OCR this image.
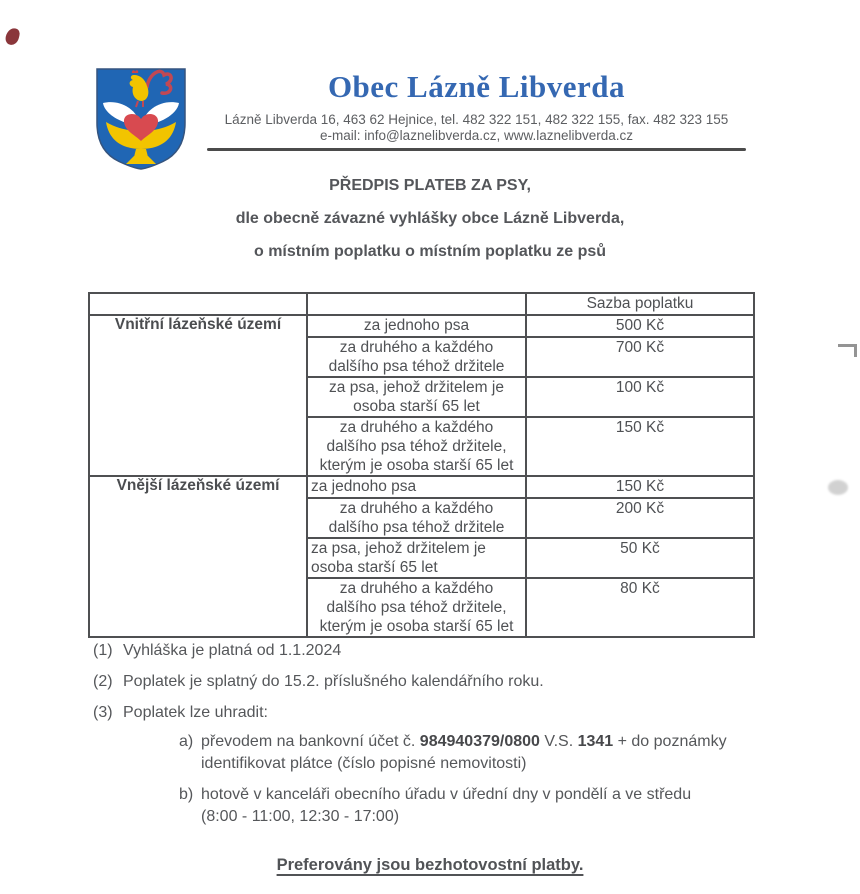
Obec Lázně Libverda
Lázně Libverda 16, 463 62 Hejnice, tel. 482 322 151, 482 322 155, fax. 482 323 155
e-mail: info@laznelibverda.cz, www.laznelibverda.cz
PŘEDPIS PLATEB ZA PSY,
dle obecně závazné vyhlášky obce Lázně Libverda,
o místním poplatku o místním poplatku ze psů
		Sazba poplatku
Vnitřní lázeňské území	za jednoho psa	500 Kč

	za druhého a každého
dalšího psa téhož držitele	700 Kč

	za psa, jehož držitelem je
osoba starší 65 let	100 Kč

	za druhého a každého
dalšího psa téhož držitele,
kterým je osoba starší 65 let	150 Kč
Vnější lázeňské území	za jednoho psa	150 Kč

	za druhého a každého
dalšího psa téhož držitele	200 Kč

	za psa, jehož držitelem je
osoba starší 65 let	50 Kč

	za druhého a každého
dalšího psa téhož držitele,
kterým je osoba starší 65 let	80 Kč
(1) Vyhláška je platná od 1.1.2024
(2) Poplatek je splatný do 15.2. příslušného kalendářního roku.
(3) Poplatek lze uhradit:
a) převodem na bankovní účet č. 984940379/0800 V.S. 1341 + do poznámky
identifikovat plátce (číslo popisné nemovitosti)
b) hotově v kanceláři obecního úřadu v úřední dny v pondělí a ve středu
(8:00 - 11:00, 12:30 - 17:00)
Preferovány jsou bezhotovostní platby.
